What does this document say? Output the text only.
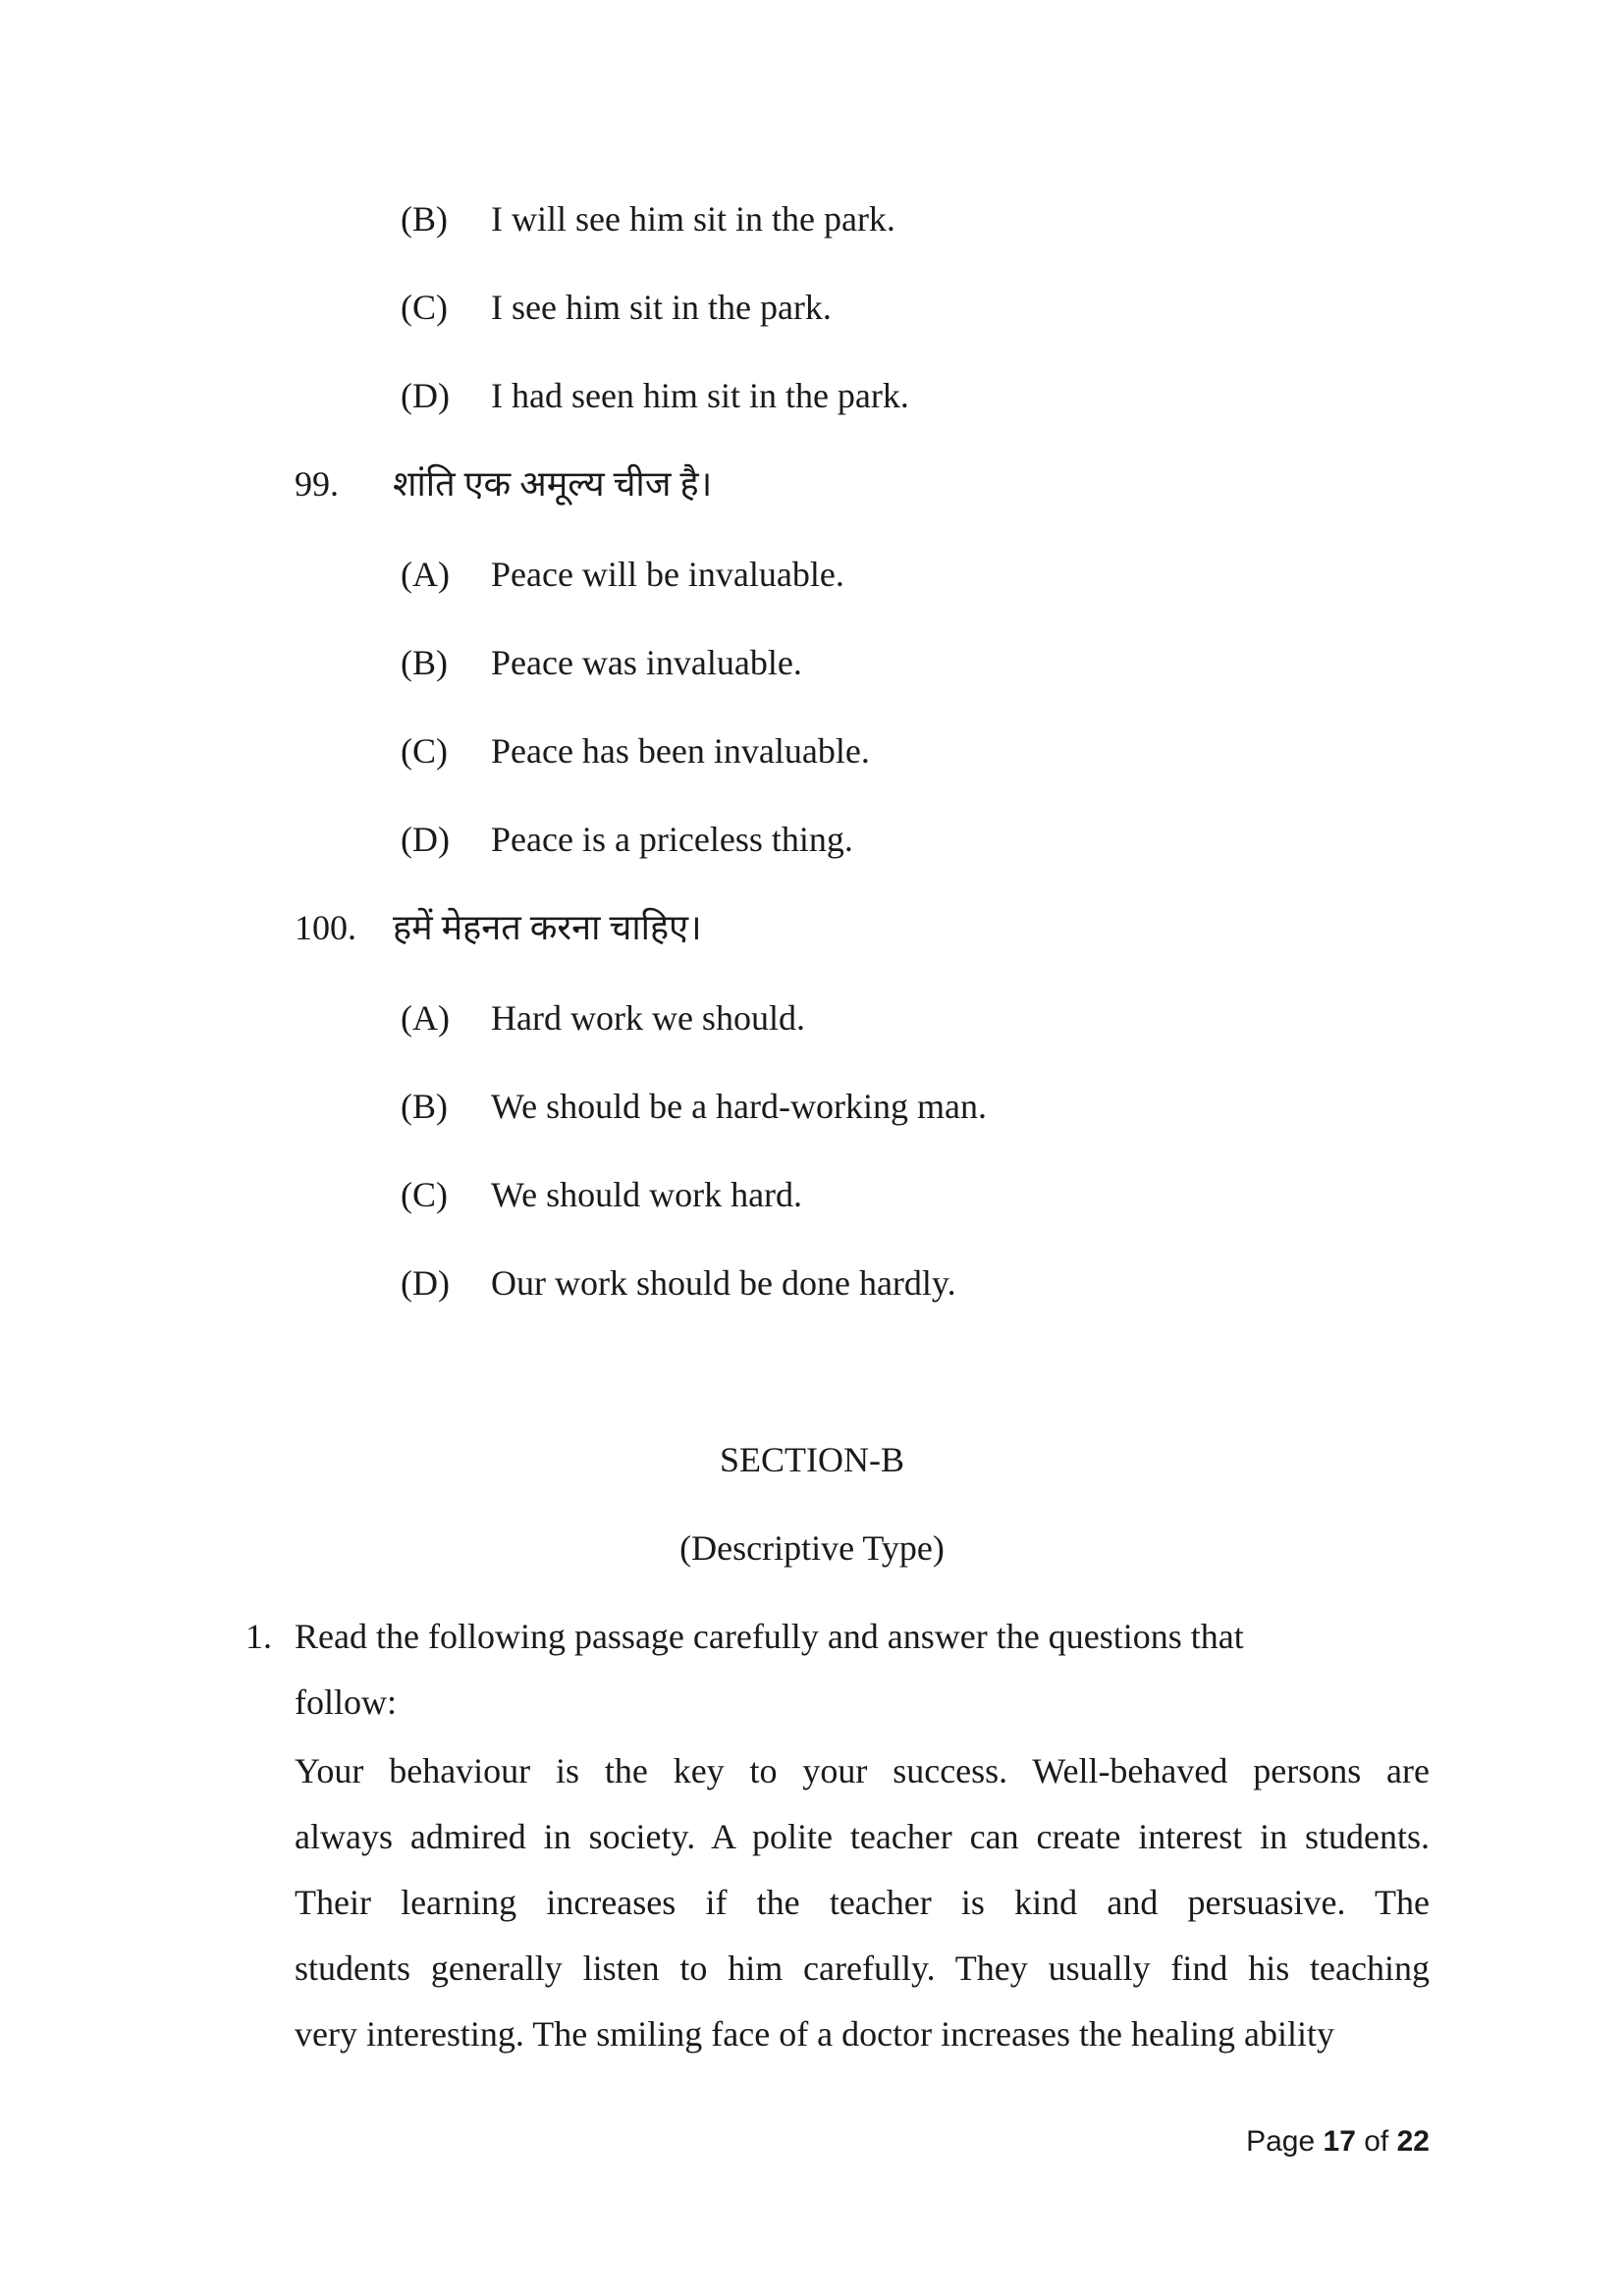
(B) I will see him sit in the park.
(C) I see him sit in the park.
(D) I had seen him sit in the park.
99. शांति एक अमूल्य चीज है।
(A) Peace will be invaluable.
(B) Peace was invaluable.
(C) Peace has been invaluable.
(D) Peace is a priceless thing.
100. हमें मेहनत करना चाहिए।
(A) Hard work we should.
(B) We should be a hard-working man.
(C) We should work hard.
(D) Our work should be done hardly.
SECTION-B
(Descriptive Type)
1. Read the following passage carefully and answer the questions that
follow:
Your behaviour is the key to your success. Well-behaved persons are
always admired in society. A polite teacher can create interest in students.
Their learning increases if the teacher is kind and persuasive. The
students generally listen to him carefully. They usually find his teaching
very interesting. The smiling face of a doctor increases the healing ability
Page 17 of 22
